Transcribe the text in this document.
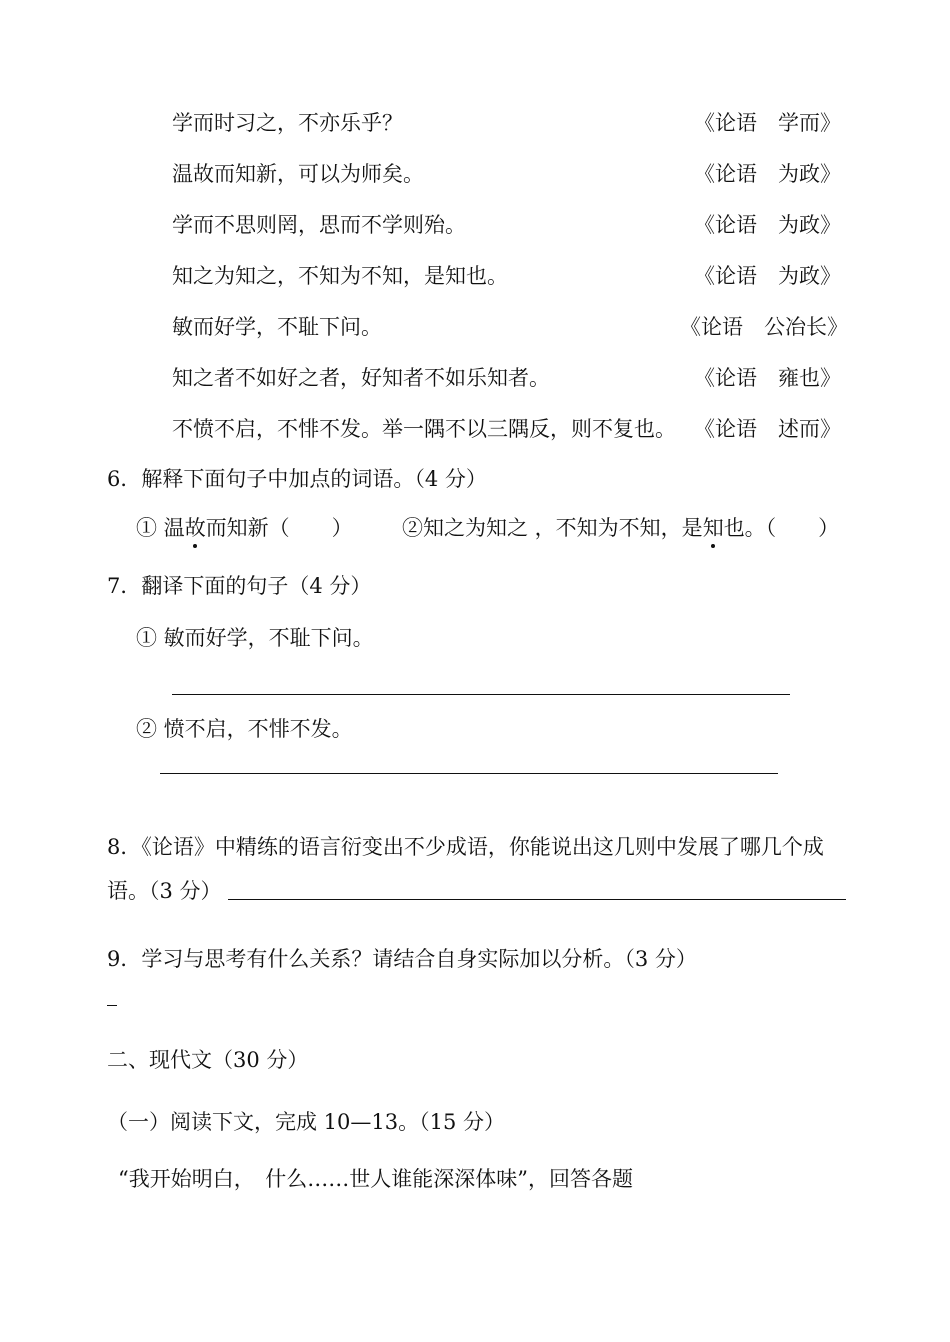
学而时习之，不亦乐乎？	《论语　学而》
温故而知新，可以为师矣。	《论语　为政》
学而不思则罔，思而不学则殆。	《论语　为政》
知之为知之，不知为不知，是知也。	《论语　为政》
敏而好学，不耻下问。	《论语　公冶长》
知之者不如好之者，好知者不如乐知者。	《论语　雍也》
不愤不启，不悱不发。举一隅不以三隅反，则不复也。 《论语　述而》
6．解释下面句子中加点的词语。（4 分）
① 温故而知新（　　） ②知之为知之 ，不知为不知，是知也。（　　）
7．翻译下面的句子（4 分）
① 敏而好学，不耻下问。
② 愤不启，不悱不发。
8．《论语》中精练的语言衍变出不少成语，你能说出这几则中发展了哪几个成
语。（3 分）
9．学习与思考有什么关系？请结合自身实际加以分析。（3 分）
二、现代文（30 分）
（一）阅读下文，完成 10—13。（15 分）
“我开始明白，　什么……世人谁能深深体味”，回答各题
